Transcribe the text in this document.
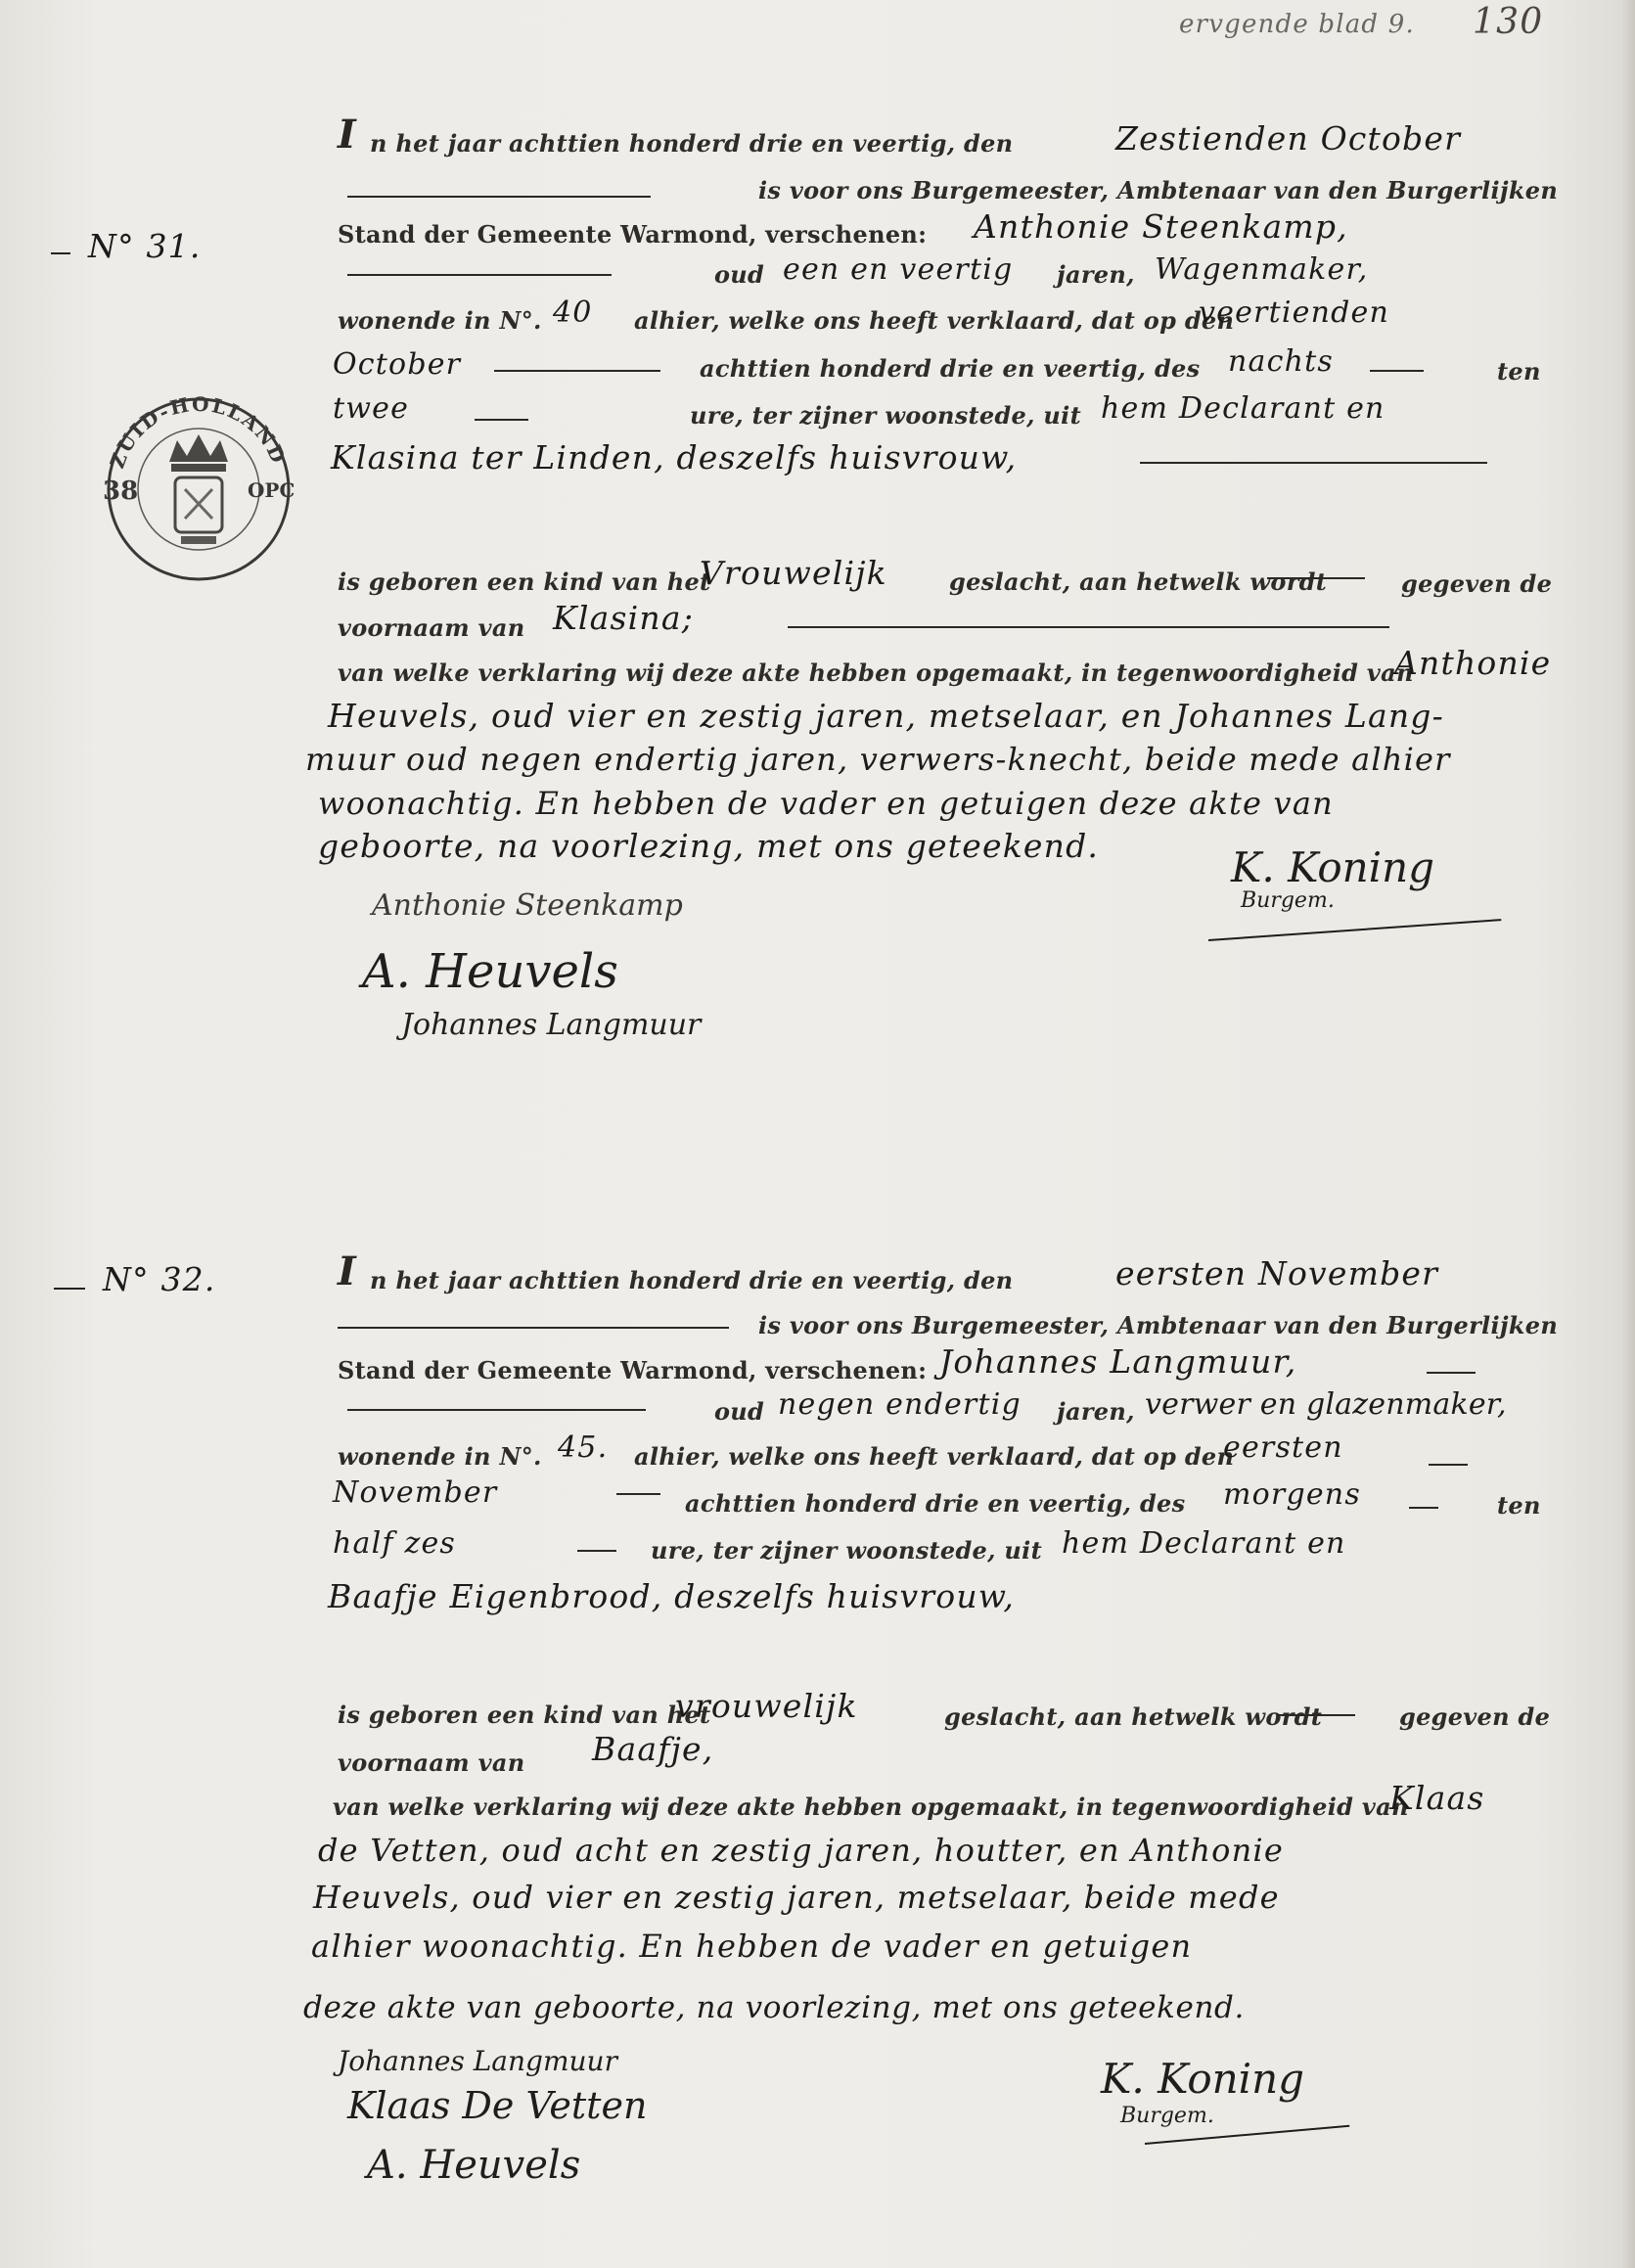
ervgende blad 9. 130
ZUID-HOLLAND
38	OPC
N° 31.
I n het jaar achttien honderd drie en veertig, den	Zestienden October
is voor ons Burgemeester, Ambtenaar van den Burgerlijken
Stand der Gemeente Warmond, verschenen: Anthonie Steenkamp,
oud een en veertig jaren, Wagenmaker,
wonende in N°. 40 alhier, welke ons heeft verklaard, dat op den
veertienden
October	achttien honderd drie en veertig, des nachts	ten
twee	ure, ter zijner woonstede, uit hem Declarant en
Klasina ter Linden, deszelfs huisvrouw,
is geboren een kind van het
Vrouwelijk	geslacht, aan hetwelk wordt	gegeven de
voornaam van Klasina;
van welke verklaring wij deze akte hebben opgemaakt, in tegenwoordigheid van
Anthonie
Heuvels, oud vier en zestig jaren, metselaar, en Johannes Lang-
muur oud negen endertig jaren, verwers-knecht, beide mede alhier
woonachtig. En hebben de vader en getuigen deze akte van
geboorte, na voorlezing, met ons geteekend.	K. Koning
Burgem.
Anthonie Steenkamp
A. Heuvels
Johannes Langmuur
N° 32.	I n het jaar achttien honderd drie en veertig, den	eersten November
is voor ons Burgemeester, Ambtenaar van den Burgerlijken
Stand der Gemeente Warmond, verschenen: Johannes Langmuur,
oud negen endertig jaren, verwer en glazenmaker,
wonende in N°. 45. alhier, welke ons heeft verklaard, dat op den
eersten
November	achttien honderd drie en veertig, des morgens	ten
half zes	ure, ter zijner woonstede, uit hem Declarant en
Baafje Eigenbrood, deszelfs huisvrouw,
is geboren een kind van het
vrouwelijk	geslacht, aan hetwelk wordt	gegeven de
voornaam van Baafje,
van welke verklaring wij deze akte hebben opgemaakt, in tegenwoordigheid van
Klaas
de Vetten, oud acht en zestig jaren, houtter, en Anthonie
Heuvels, oud vier en zestig jaren, metselaar, beide mede
alhier woonachtig. En hebben de vader en getuigen
deze akte van geboorte, na voorlezing, met ons geteekend.
K. Koning
Burgem.
Johannes Langmuur
Klaas De Vetten
A. Heuvels
